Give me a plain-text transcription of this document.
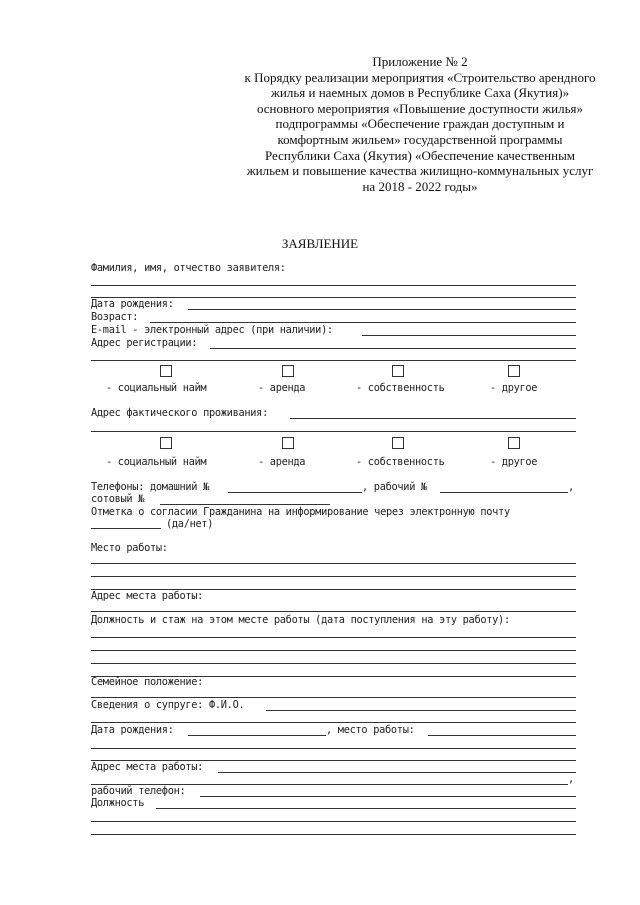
Приложение № 2
к Порядку реализации мероприятия «Строительство арендного
жилья и наемных домов в Республике Саха (Якутия)»
основного мероприятия «Повышение доступности жилья»
подпрограммы «Обеспечение граждан доступным и
комфортным жильем» государственной программы
Республики Саха (Якутия) «Обеспечение качественным
жильем и повышение качества жилищно-коммунальных услуг
на 2018 - 2022 годы»
ЗАЯВЛЕНИЕ
Фамилия, имя, отчество заявителя:
Дата рождения:
Возраст:
E-mail - электронный адрес (при наличии):
Адрес регистрации:
- социальный найм	- аренда	- собственность	- другое
Адрес фактического проживания:
- социальный найм	- аренда	- собственность	- другое
Телефоны: домашний №	, рабочий №	,
сотовый №
Отметка о согласии Гражданина на информирование через электронную почту
(да/нет)
Место работы:
Адрес места работы:
Должность и стаж на этом месте работы (дата поступления на эту работу):
Семейное положение:
Сведения о супруге: Ф.И.О.
Дата рождения:	, место работы:
Адрес места работы:
,
рабочий телефон:
Должность
